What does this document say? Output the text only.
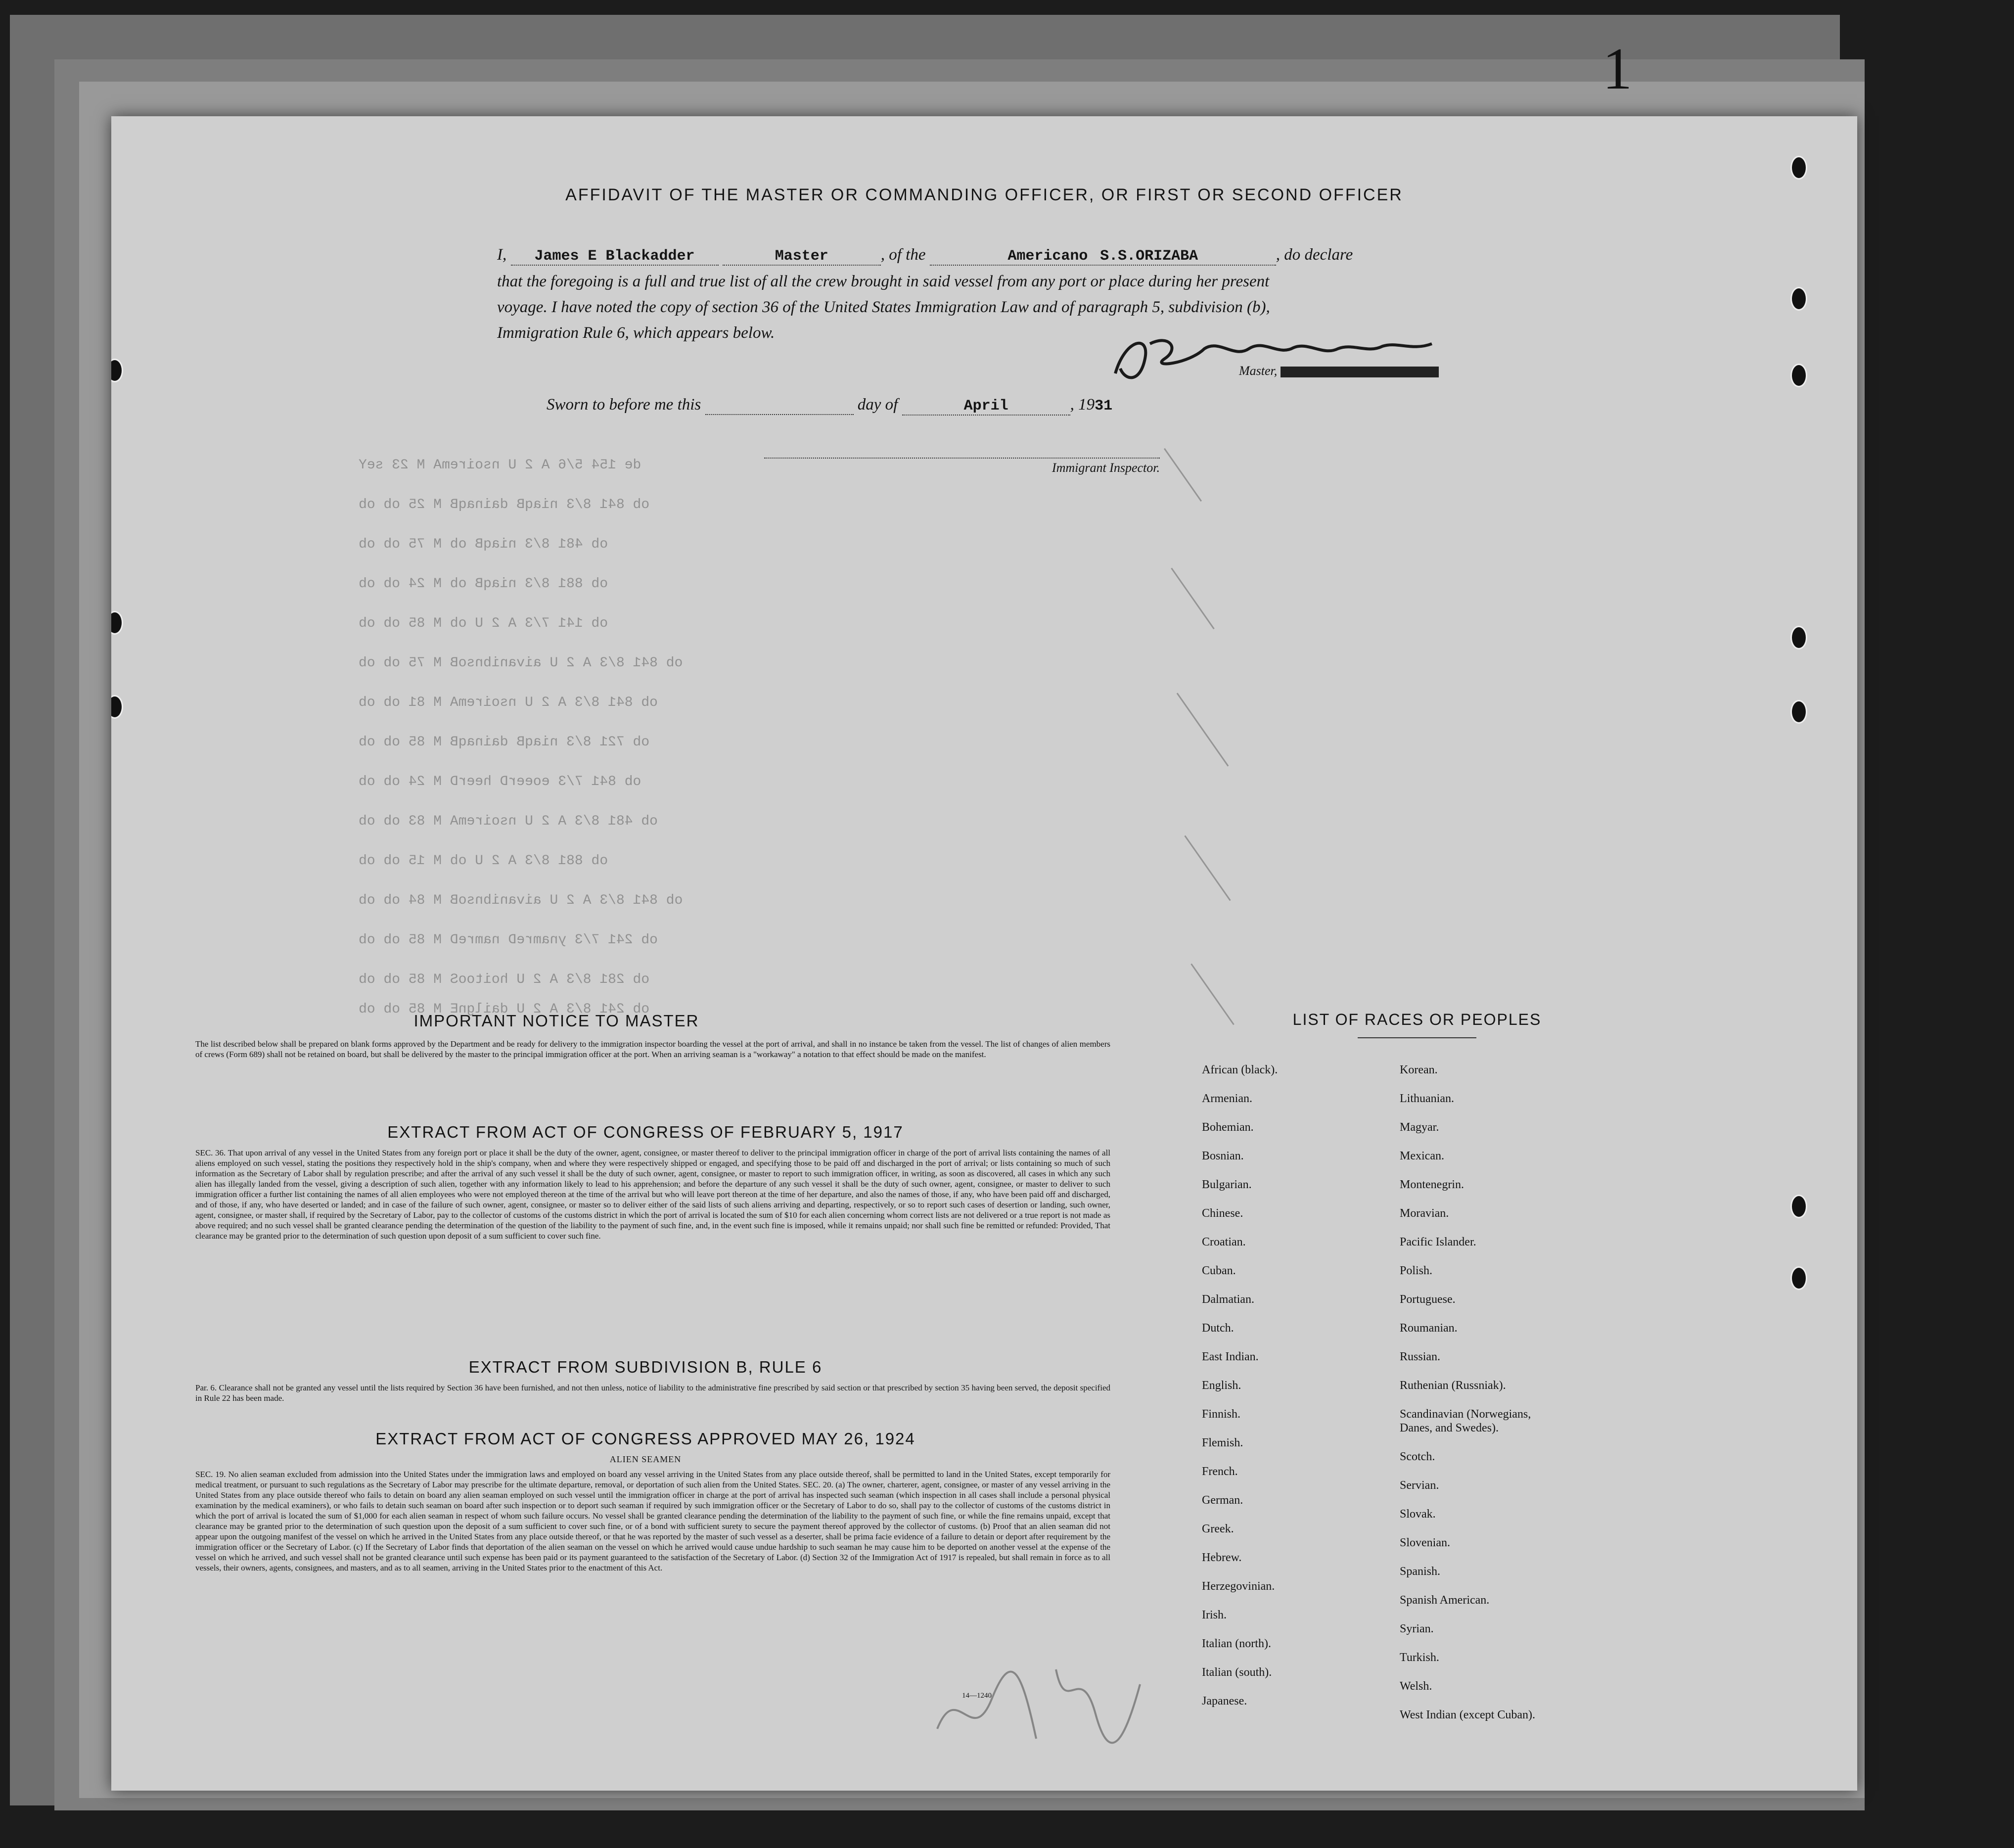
1
de 154 5/6 A 2 U nsoiremA M 23 seY
ob 841 8/3 niaqB dainaqB M 25 ob ob
ob 481 8/3 niaqB ob M 75 ob ob
ob 881 8/3 niaqB ob M 24 ob ob
ob 141 7/3 A 2 U ob M 85 ob ob
ob 841 8/3 A 2 U aivanibnsoB M 75 ob ob
ob 841 8/3 A 2 U nsoiremA M 81 ob ob
ob 721 8/3 niaqB dainaqB M 85 ob ob
ob 841 7/3 eoeerD heerD M 24 ob ob
ob 481 8/3 A 2 U nsoiremA M 83 ob ob
ob 881 8/3 A 2 U ob M 15 ob ob
ob 841 8/3 A 2 U aivanibnsoB M 84 ob ob
ob 241 7/3 ynamreD namreD M 85 ob ob
ob 281 8/3 A 2 U hoitooS M 85 ob ob
ob 241 8/3 A 2 U dailgnE M 85 ob ob
AFFIDAVIT OF THE MASTER OR COMMANDING OFFICER, OR FIRST OR SECOND OFFICER
I, James E Blackadder	Master	, of the	Americano S.S.ORIZABA	, do declare
that the foregoing is a full and true list of all the crew brought in said vessel from any port or place during her present
voyage. I have noted the copy of section 36 of the United States Immigration Law and of paragraph 5, subdivision (b),
Immigration Rule 6, which appears below.
Master,
Sworn to before me this	day of	April	, 1931
Immigrant Inspector.
IMPORTANT NOTICE TO MASTER
The list described below shall be prepared on blank forms approved by the Department and be ready for delivery to the immigration inspector boarding the vessel at the port of arrival, and shall in no instance be taken from the vessel. The list of changes of alien members of crews (Form 689) shall not be retained on board, but shall be delivered by the master to the principal immigration officer at the port. When an arriving seaman is a "workaway" a notation to that effect should be made on the manifest.
EXTRACT FROM ACT OF CONGRESS OF FEBRUARY 5, 1917
SEC. 36. That upon arrival of any vessel in the United States from any foreign port or place it shall be the duty of the owner, agent, consignee, or master thereof to deliver to the principal immigration officer in charge of the port of arrival lists containing the names of all aliens employed on such vessel, stating the positions they respectively hold in the ship's company, when and where they were respectively shipped or engaged, and specifying those to be paid off and discharged in the port of arrival; or lists containing so much of such information as the Secretary of Labor shall by regulation prescribe; and after the arrival of any such vessel it shall be the duty of such owner, agent, consignee, or master to report to such immigration officer, in writing, as soon as discovered, all cases in which any such alien has illegally landed from the vessel, giving a description of such alien, together with any information likely to lead to his apprehension; and before the departure of any such vessel it shall be the duty of such owner, agent, consignee, or master to deliver to such immigration officer a further list containing the names of all alien employees who were not employed thereon at the time of the arrival but who will leave port thereon at the time of her departure, and also the names of those, if any, who have been paid off and discharged, and of those, if any, who have deserted or landed; and in case of the failure of such owner, agent, consignee, or master so to deliver either of the said lists of such aliens arriving and departing, respectively, or so to report such cases of desertion or landing, such owner, agent, consignee, or master shall, if required by the Secretary of Labor, pay to the collector of customs of the customs district in which the port of arrival is located the sum of $10 for each alien concerning whom correct lists are not delivered or a true report is not made as above required; and no such vessel shall be granted clearance pending the determination of the question of the liability to the payment of such fine, and, in the event such fine is imposed, while it remains unpaid; nor shall such fine be remitted or refunded: Provided, That clearance may be granted prior to the determination of such question upon deposit of a sum sufficient to cover such fine.
EXTRACT FROM SUBDIVISION B, RULE 6
Par. 6. Clearance shall not be granted any vessel until the lists required by Section 36 have been furnished, and not then unless, notice of liability to the administrative fine prescribed by said section or that prescribed by section 35 having been served, the deposit specified in Rule 22 has been made.
EXTRACT FROM ACT OF CONGRESS APPROVED MAY 26, 1924
ALIEN SEAMEN
SEC. 19. No alien seaman excluded from admission into the United States under the immigration laws and employed on board any vessel arriving in the United States from any place outside thereof, shall be permitted to land in the United States, except temporarily for medical treatment, or pursuant to such regulations as the Secretary of Labor may prescribe for the ultimate departure, removal, or deportation of such alien from the United States. SEC. 20. (a) The owner, charterer, agent, consignee, or master of any vessel arriving in the United States from any place outside thereof who fails to detain on board any alien seaman employed on such vessel until the immigration officer in charge at the port of arrival has inspected such seaman (which inspection in all cases shall include a personal physical examination by the medical examiners), or who fails to detain such seaman on board after such inspection or to deport such seaman if required by such immigration officer or the Secretary of Labor to do so, shall pay to the collector of customs of the customs district in which the port of arrival is located the sum of $1,000 for each alien seaman in respect of whom such failure occurs. No vessel shall be granted clearance pending the determination of the liability to the payment of such fine, or while the fine remains unpaid, except that clearance may be granted prior to the determination of such question upon the deposit of a sum sufficient to cover such fine, or of a bond with sufficient surety to secure the payment thereof approved by the collector of customs. (b) Proof that an alien seaman did not appear upon the outgoing manifest of the vessel on which he arrived in the United States from any place outside thereof, or that he was reported by the master of such vessel as a deserter, shall be prima facie evidence of a failure to detain or deport after requirement by the immigration officer or the Secretary of Labor. (c) If the Secretary of Labor finds that deportation of the alien seaman on the vessel on which he arrived would cause undue hardship to such seaman he may cause him to be deported on another vessel at the expense of the vessel on which he arrived, and such vessel shall not be granted clearance until such expense has been paid or its payment guaranteed to the satisfaction of the Secretary of Labor. (d) Section 32 of the Immigration Act of 1917 is repealed, but shall remain in force as to all vessels, their owners, agents, consignees, and masters, and as to all seamen, arriving in the United States prior to the enactment of this Act.
14—1240
LIST OF RACES OR PEOPLES
African (black).
Armenian.
Bohemian.
Bosnian.
Bulgarian.
Chinese.
Croatian.
Cuban.
Dalmatian.
Dutch.
East Indian.
English.
Finnish.
Flemish.
French.
German.
Greek.
Hebrew.
Herzegovinian.
Irish.
Italian (north).
Italian (south).
Japanese.
Korean.
Lithuanian.
Magyar.
Mexican.
Montenegrin.
Moravian.
Pacific Islander.
Polish.
Portuguese.
Roumanian.
Russian.
Ruthenian (Russniak).
Scandinavian (Norwegians,
Danes, and Swedes).
Scotch.
Servian.
Slovak.
Slovenian.
Spanish.
Spanish American.
Syrian.
Turkish.
Welsh.
West Indian (except Cuban).
